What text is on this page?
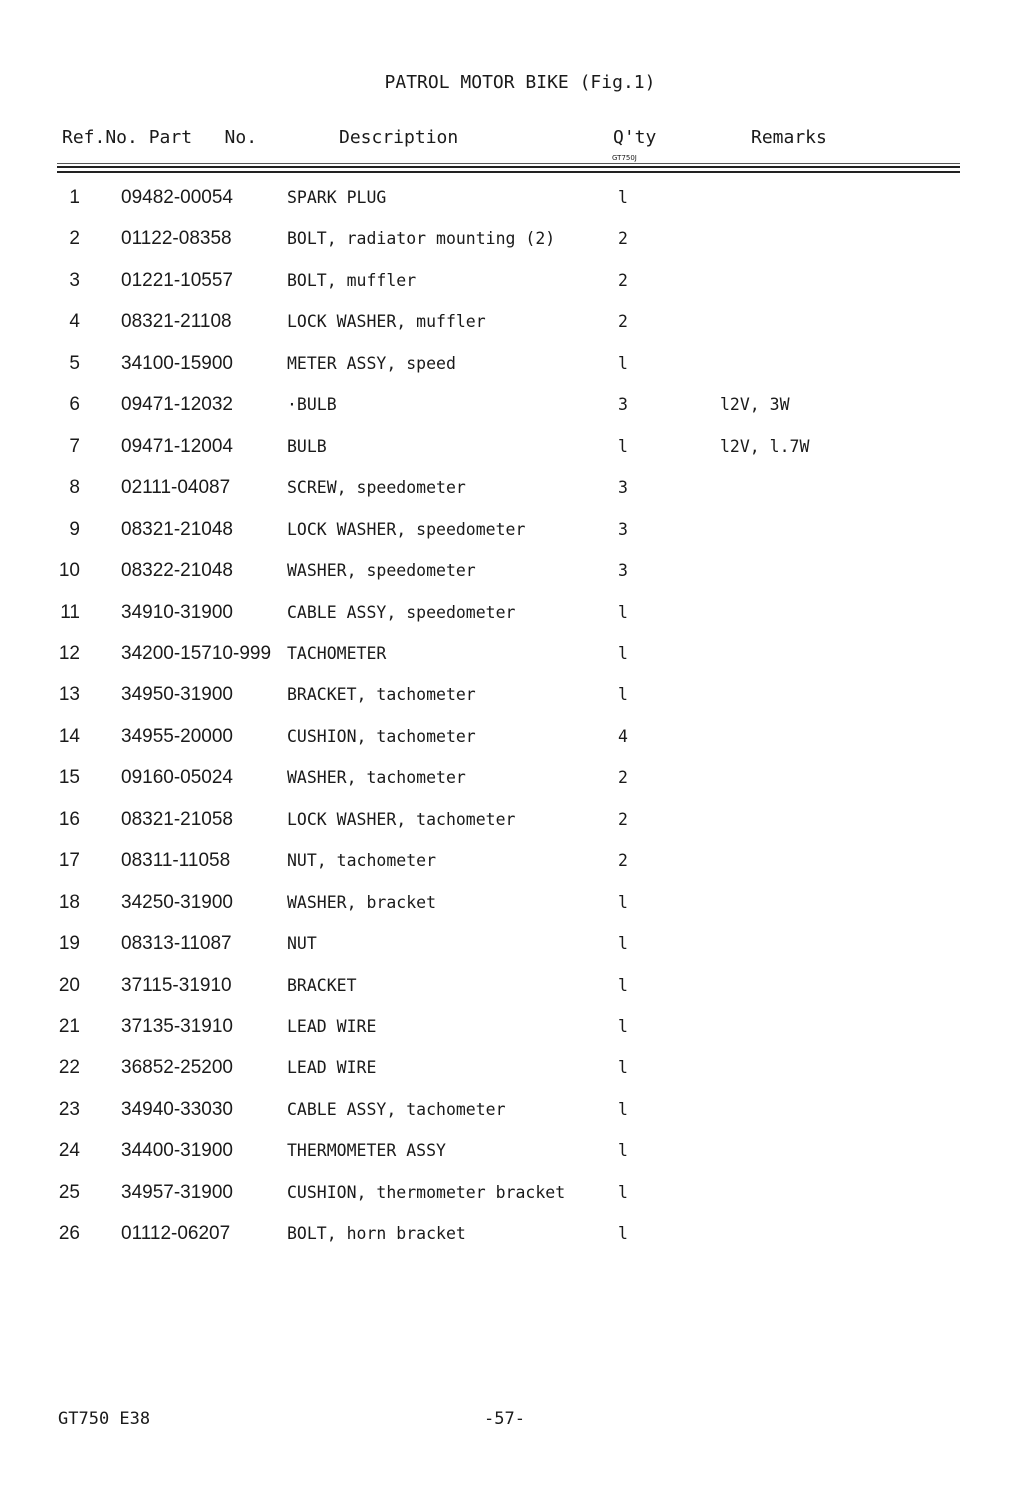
PATROL MOTOR BIKE (Fig.1)
Ref.No. Part   No.	Description	Q'ty
GT750J
Remarks
1 09482-00054	SPARK PLUG	l
2 01122-08358	BOLT, radiator mounting (2)	2
3 01221-10557	BOLT, muffler	2
4 08321-21108	LOCK WASHER, muffler	2
5 34100-15900	METER ASSY, speed	l
6 09471-12032	·BULB	3	l2V, 3W
7 09471-12004	BULB	l	l2V, l.7W
8 02111-04087	SCREW, speedometer	3
9 08321-21048	LOCK WASHER, speedometer	3
10 08322-21048	WASHER, speedometer	3
11 34910-31900	CABLE ASSY, speedometer	l
12 34200-15710-999 TACHOMETER	l
13 34950-31900	BRACKET, tachometer	l
14 34955-20000	CUSHION, tachometer	4
15 09160-05024	WASHER, tachometer	2
16 08321-21058	LOCK WASHER, tachometer	2
17 08311-11058	NUT, tachometer	2
18 34250-31900	WASHER, bracket	l
19 08313-11087	NUT	l
20 37115-31910	BRACKET	l
21 37135-31910	LEAD WIRE	l
22 36852-25200	LEAD WIRE	l
23 34940-33030	CABLE ASSY, tachometer	l
24 34400-31900	THERMOMETER ASSY	l
25 34957-31900	CUSHION, thermometer bracket	l
26 01112-06207	BOLT, horn bracket	l
GT750 E38	-57-
